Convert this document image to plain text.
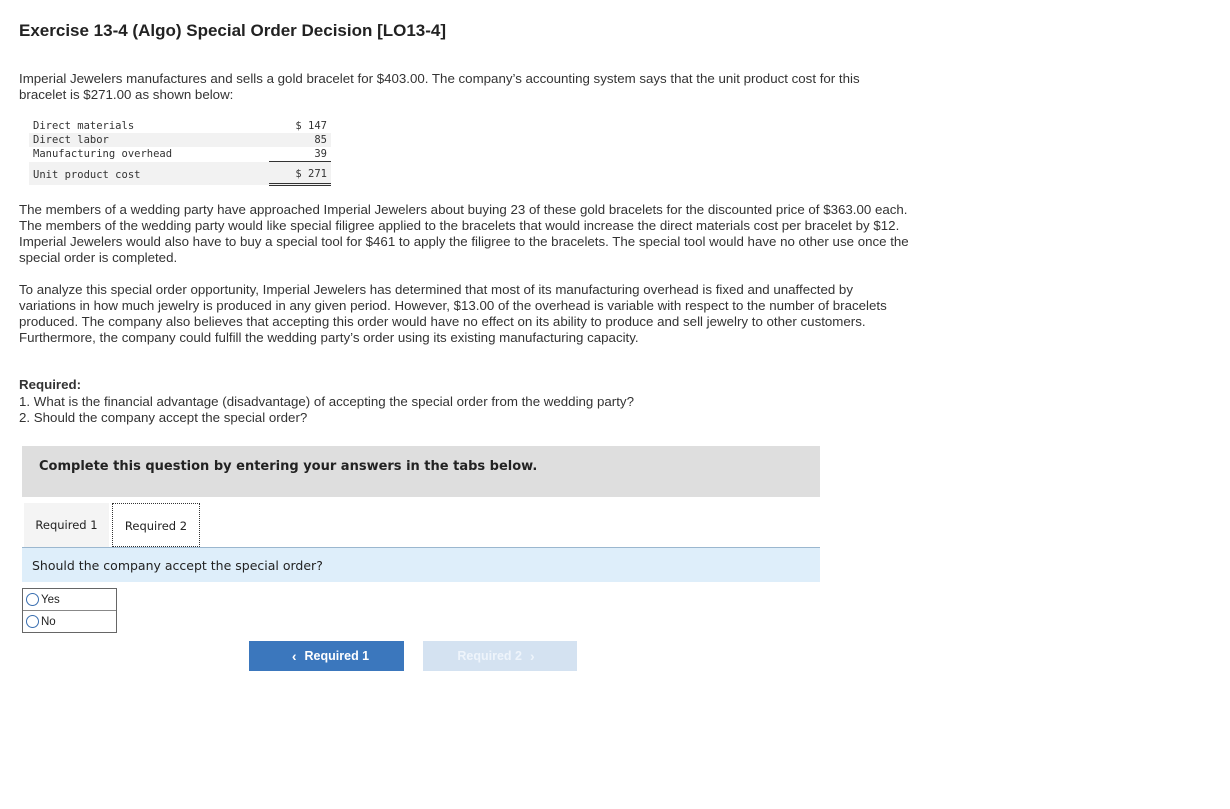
Exercise 13-4 (Algo) Special Order Decision [LO13-4]
Imperial Jewelers manufactures and sells a gold bracelet for $403.00. The company’s accounting system says that the unit product cost for this bracelet is $271.00 as shown below:
Direct materials	$ 147
Direct labor	85
Manufacturing overhead	39
Unit product cost	$ 271
The members of a wedding party have approached Imperial Jewelers about buying 23 of these gold bracelets for the discounted price of $363.00 each. The members of the wedding party would like special filigree applied to the bracelets that would increase the direct materials cost per bracelet by $12. Imperial Jewelers would also have to buy a special tool for $461 to apply the filigree to the bracelets. The special tool would have no other use once the special order is completed.
To analyze this special order opportunity, Imperial Jewelers has determined that most of its manufacturing overhead is fixed and unaffected by variations in how much jewelry is produced in any given period. However, $13.00 of the overhead is variable with respect to the number of bracelets produced. The company also believes that accepting this order would have no effect on its ability to produce and sell jewelry to other customers. Furthermore, the company could fulfill the wedding party’s order using its existing manufacturing capacity.
Required:
1. What is the financial advantage (disadvantage) of accepting the special order from the wedding party?
2. Should the company accept the special order?
Complete this question by entering your answers in the tabs below.
Required 1	Required 2
Should the company accept the special order?
Yes
No
‹ Required 1	Required 2 ›
